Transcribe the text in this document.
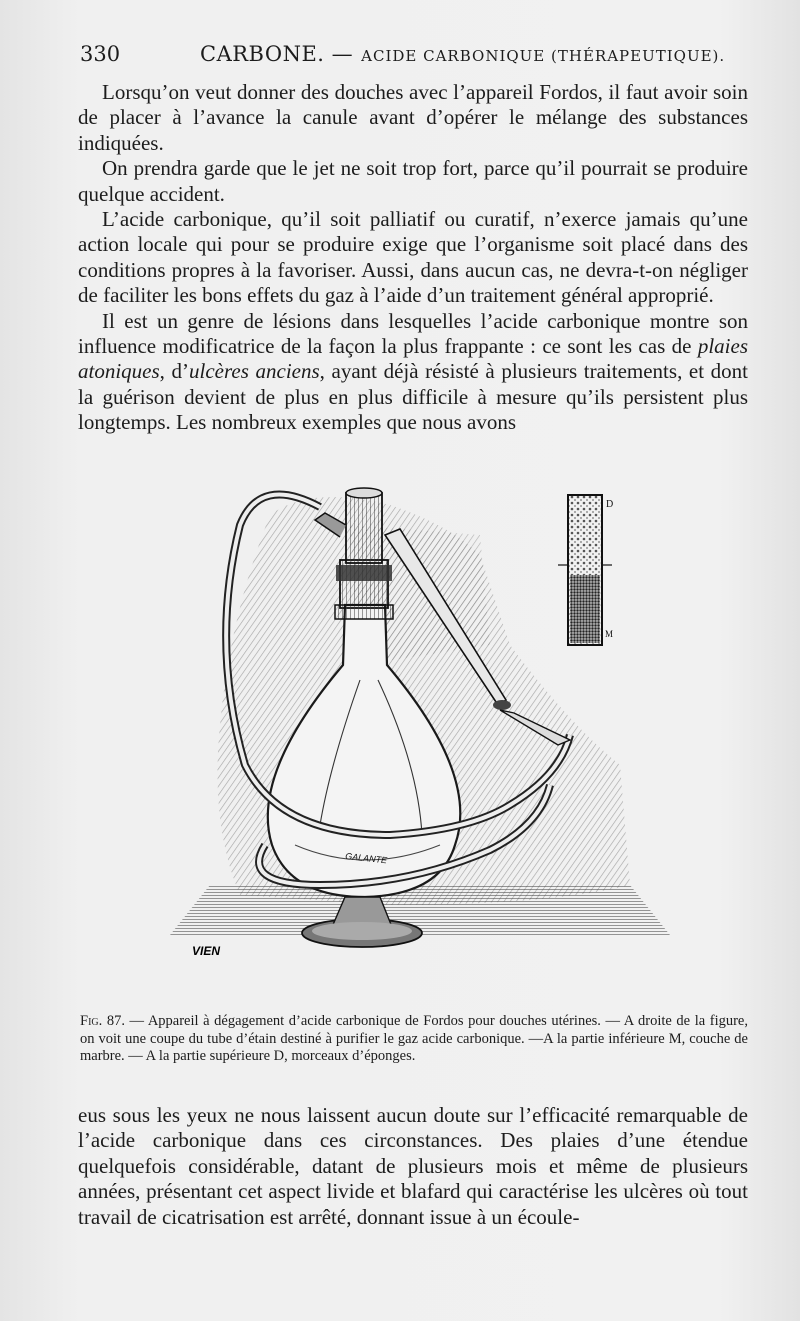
330	CARBONE. — ACIDE CARBONIQUE (THÉRAPEUTIQUE).

Lorsqu’on veut donner des douches avec l’appareil Fordos, il faut avoir soin de placer à l’avance la canule avant d’opérer le mélange des substances indiquées.

On prendra garde que le jet ne soit trop fort, parce qu’il pourrait se produire quelque accident.

L’acide carbonique, qu’il soit palliatif ou curatif, n’exerce jamais qu’une action locale qui pour se produire exige que l’organisme soit placé dans des conditions propres à la favoriser. Aussi, dans aucun cas, ne devra-t-on négliger de faciliter les bons effets du gaz à l’aide d’un traitement général approprié.

Il est un genre de lésions dans lesquelles l’acide carbonique montre son influence modificatrice de la façon la plus frappante : ce sont les cas de plaies atoniques, d’ulcères anciens, ayant déjà résisté à plusieurs traitements, et dont la guérison devient de plus en plus difficile à mesure qu’ils persistent plus longtemps. Les nombreux exemples que nous avons

GALANTE
VIEN
D
M
Fig. 87. — Appareil à dégagement d’acide carbonique de Fordos pour douches utérines. — A droite de la figure, on voit une coupe du tube d’étain destiné à purifier le gaz acide carbonique. —A la partie inférieure M, couche de marbre. — A la partie supérieure D, morceaux d’éponges.

eus sous les yeux ne nous laissent aucun doute sur l’efficacité remarquable de l’acide carbonique dans ces circonstances. Des plaies d’une étendue quelquefois considérable, datant de plusieurs mois et même de plusieurs années, présentant cet aspect livide et blafard qui caractérise les ulcères où tout travail de cicatrisation est arrêté, donnant issue à un écoule-
